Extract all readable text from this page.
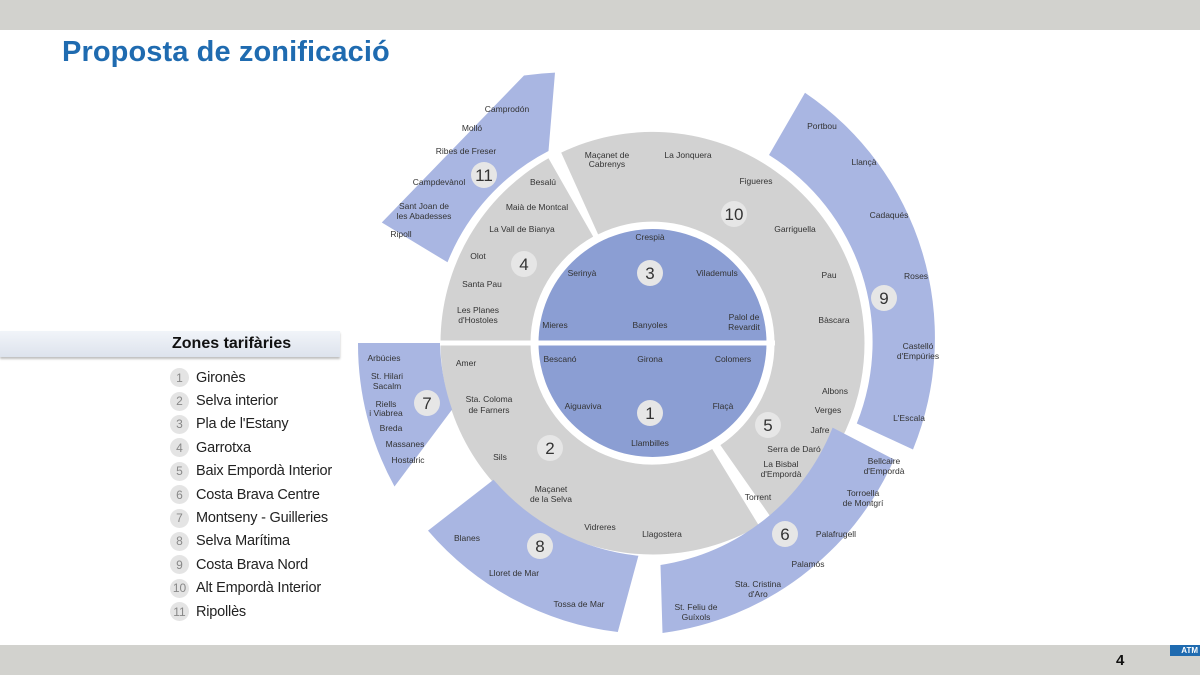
Proposta de zonificació
3
1
4
10
5
2
11
9
6
8
7
Crespià
Serinyà	Vilademuls
Mieres	Banyoles
Palol de
Revardit
Bescanó	Girona	Colomers
Aiguaviva	Flaçà
Llambilles
Besalú
Maià de Montcal
La Vall de Bianya
Olot
Santa Pau
Les Planes
d'Hostoles
Maçanet de
Cabrenys
La Jonquera
Figueres
Garriguella
Pau
Bàscara
Albons
Verges
Jafre
Serra de Daró
La Bisbal
d'Empordà
Torrent
Amer
Sta. Coloma
de Farners
Sils
Maçanet
de la Selva
Vidreres
Llagostera
Camprodón
Molló
Ribes de Freser
Campdevànol
Sant Joan de
les Abadesses
Ripoll
Arbúcies
St. Hilari
Sacalm
Riells
i Viabrea
Breda
Massanes
Hostalric
Blanes
Lloret de Mar
Tossa de Mar
Bellcaire
d'Empordà
Torroella
de Montgrí
Palafrugell
Palamós
Sta. Cristina
d'Aro
St. Feliu de
Guíxols
Portbou
Llançà
Cadaqués
Roses
Castelló
d'Empúries
L'Escala
Zones tarifàries
1 Gironès
2 Selva interior
3 Pla de l'Estany
4 Garrotxa
5 Baix Empordà Interior
6 Costa Brava Centre
7 Montseny - Guilleries
8 Selva Marítima
9 Costa Brava Nord
10 Alt Empordà Interior
11 Ripollès
4
ATM
